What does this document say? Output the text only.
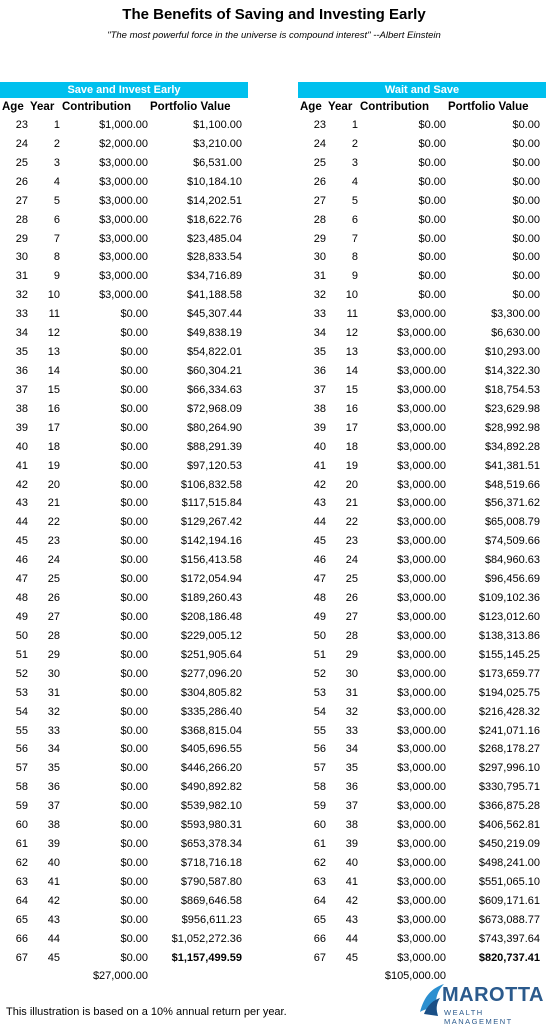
The Benefits of Saving and Investing Early
"The most powerful force in the universe is compound interest" --Albert Einstein
Save and Invest Early
Age Year Contribution Portfolio Value
23	1	$1,000.00	$1,100.00
24	2	$2,000.00	$3,210.00
25	3	$3,000.00	$6,531.00
26	4	$3,000.00	$10,184.10
27	5	$3,000.00	$14,202.51
28	6	$3,000.00	$18,622.76
29	7	$3,000.00	$23,485.04
30	8	$3,000.00	$28,833.54
31	9	$3,000.00	$34,716.89
32	10	$3,000.00	$41,188.58
33	11	$0.00	$45,307.44
34	12	$0.00	$49,838.19
35	13	$0.00	$54,822.01
36	14	$0.00	$60,304.21
37	15	$0.00	$66,334.63
38	16	$0.00	$72,968.09
39	17	$0.00	$80,264.90
40	18	$0.00	$88,291.39
41	19	$0.00	$97,120.53
42	20	$0.00	$106,832.58
43	21	$0.00	$117,515.84
44	22	$0.00	$129,267.42
45	23	$0.00	$142,194.16
46	24	$0.00	$156,413.58
47	25	$0.00	$172,054.94
48	26	$0.00	$189,260.43
49	27	$0.00	$208,186.48
50	28	$0.00	$229,005.12
51	29	$0.00	$251,905.64
52	30	$0.00	$277,096.20
53	31	$0.00	$304,805.82
54	32	$0.00	$335,286.40
55	33	$0.00	$368,815.04
56	34	$0.00	$405,696.55
57	35	$0.00	$446,266.20
58	36	$0.00	$490,892.82
59	37	$0.00	$539,982.10
60	38	$0.00	$593,980.31
61	39	$0.00	$653,378.34
62	40	$0.00	$718,716.18
63	41	$0.00	$790,587.80
64	42	$0.00	$869,646.58
65	43	$0.00	$956,611.23
66	44	$0.00	$1,052,272.36
67	45	$0.00	$1,157,499.59
$27,000.00
Wait and Save
Age Year Contribution Portfolio Value
23	1	$0.00	$0.00
24	2	$0.00	$0.00
25	3	$0.00	$0.00
26	4	$0.00	$0.00
27	5	$0.00	$0.00
28	6	$0.00	$0.00
29	7	$0.00	$0.00
30	8	$0.00	$0.00
31	9	$0.00	$0.00
32	10	$0.00	$0.00
33	11	$3,000.00	$3,300.00
34	12	$3,000.00	$6,630.00
35	13	$3,000.00	$10,293.00
36	14	$3,000.00	$14,322.30
37	15	$3,000.00	$18,754.53
38	16	$3,000.00	$23,629.98
39	17	$3,000.00	$28,992.98
40	18	$3,000.00	$34,892.28
41	19	$3,000.00	$41,381.51
42	20	$3,000.00	$48,519.66
43	21	$3,000.00	$56,371.62
44	22	$3,000.00	$65,008.79
45	23	$3,000.00	$74,509.66
46	24	$3,000.00	$84,960.63
47	25	$3,000.00	$96,456.69
48	26	$3,000.00	$109,102.36
49	27	$3,000.00	$123,012.60
50	28	$3,000.00	$138,313.86
51	29	$3,000.00	$155,145.25
52	30	$3,000.00	$173,659.77
53	31	$3,000.00	$194,025.75
54	32	$3,000.00	$216,428.32
55	33	$3,000.00	$241,071.16
56	34	$3,000.00	$268,178.27
57	35	$3,000.00	$297,996.10
58	36	$3,000.00	$330,795.71
59	37	$3,000.00	$366,875.28
60	38	$3,000.00	$406,562.81
61	39	$3,000.00	$450,219.09
62	40	$3,000.00	$498,241.00
63	41	$3,000.00	$551,065.10
64	42	$3,000.00	$609,171.61
65	43	$3,000.00	$673,088.77
66	44	$3,000.00	$743,397.64
67	45	$3,000.00	$820,737.41
$105,000.00
This illustration is based on a 10% annual return per year.
MAROTTA
WEALTH MANAGEMENT
